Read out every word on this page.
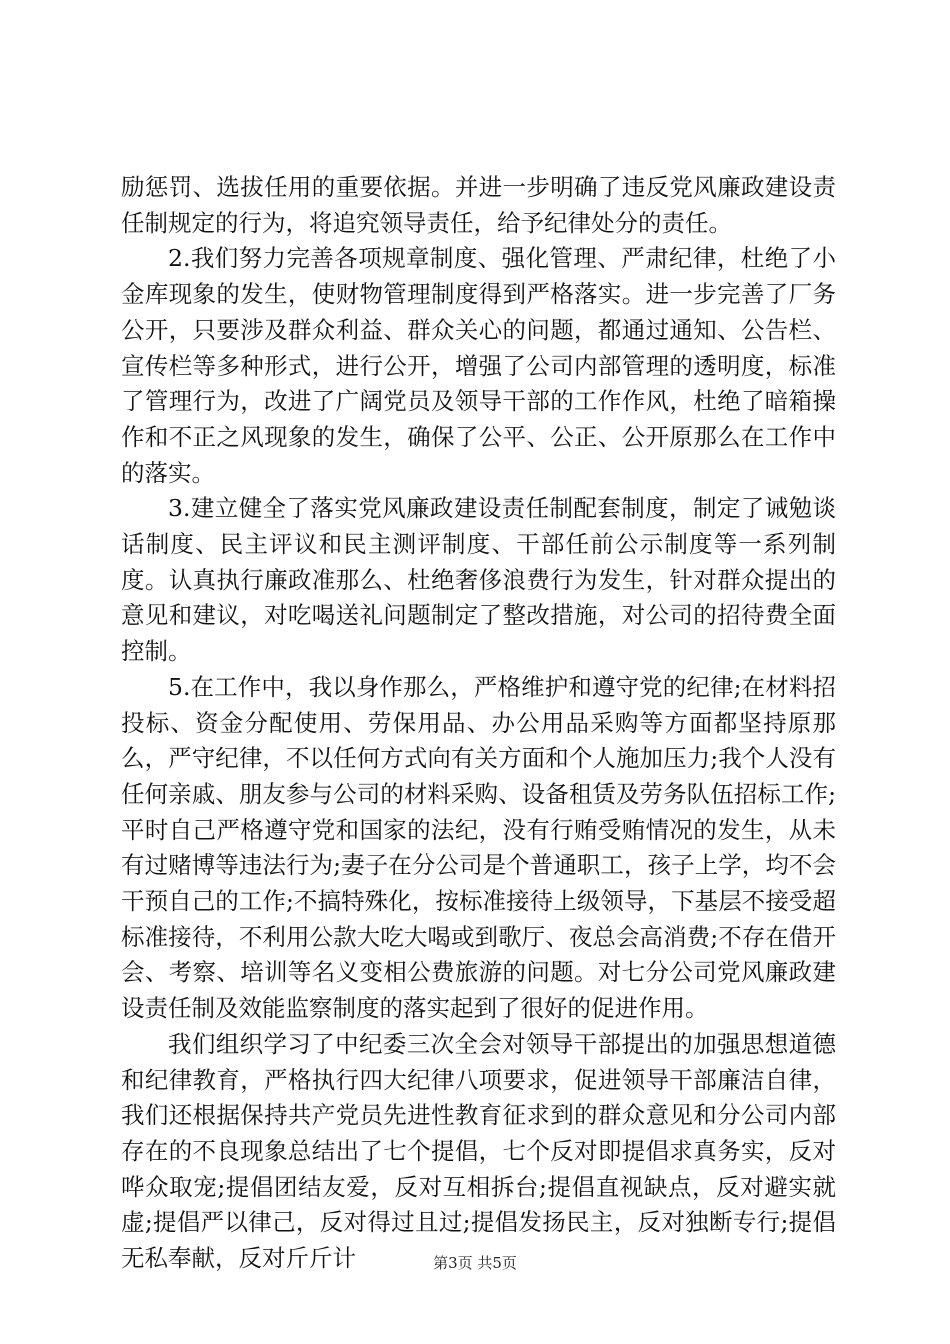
励惩罚、选拔任用的重要依据。并进一步明确了违反党风廉政建设责任制规定的行为，将追究领导责任，给予纪律处分的责任。

2.我们努力完善各项规章制度、强化管理、严肃纪律，杜绝了小金库现象的发生，使财物管理制度得到严格落实。进一步完善了厂务公开，只要涉及群众利益、群众关心的问题，都通过通知、公告栏、宣传栏等多种形式，进行公开，增强了公司内部管理的透明度，标准了管理行为，改进了广阔党员及领导干部的工作作风，杜绝了暗箱操作和不正之风现象的发生，确保了公平、公正、公开原那么在工作中的落实。

3.建立健全了落实党风廉政建设责任制配套制度，制定了诫勉谈话制度、民主评议和民主测评制度、干部任前公示制度等一系列制度。认真执行廉政准那么、杜绝奢侈浪费行为发生，针对群众提出的意见和建议，对吃喝送礼问题制定了整改措施，对公司的招待费全面控制。

5.在工作中，我以身作那么，严格维护和遵守党的纪律;在材料招投标、资金分配使用、劳保用品、办公用品采购等方面都坚持原那么，严守纪律，不以任何方式向有关方面和个人施加压力;我个人没有任何亲戚、朋友参与公司的材料采购、设备租赁及劳务队伍招标工作;平时自己严格遵守党和国家的法纪，没有行贿受贿情况的发生，从未有过赌博等违法行为;妻子在分公司是个普通职工，孩子上学，均不会干预自己的工作;不搞特殊化，按标准接待上级领导，下基层不接受超标准接待，不利用公款大吃大喝或到歌厅、夜总会高消费;不存在借开会、考察、培训等名义变相公费旅游的问题。对七分公司党风廉政建设责任制及效能监察制度的落实起到了很好的促进作用。

我们组织学习了中纪委三次全会对领导干部提出的加强思想道德和纪律教育，严格执行四大纪律八项要求，促进领导干部廉洁自律，我们还根据保持共产党员先进性教育征求到的群众意见和分公司内部存在的不良现象总结出了七个提倡，七个反对即提倡求真务实，反对哗众取宠;提倡团结友爱，反对互相拆台;提倡直视缺点，反对避实就虚;提倡严以律己，反对得过且过;提倡发扬民主，反对独断专行;提倡无私奉献，反对斤斤计	第3页 共5页
